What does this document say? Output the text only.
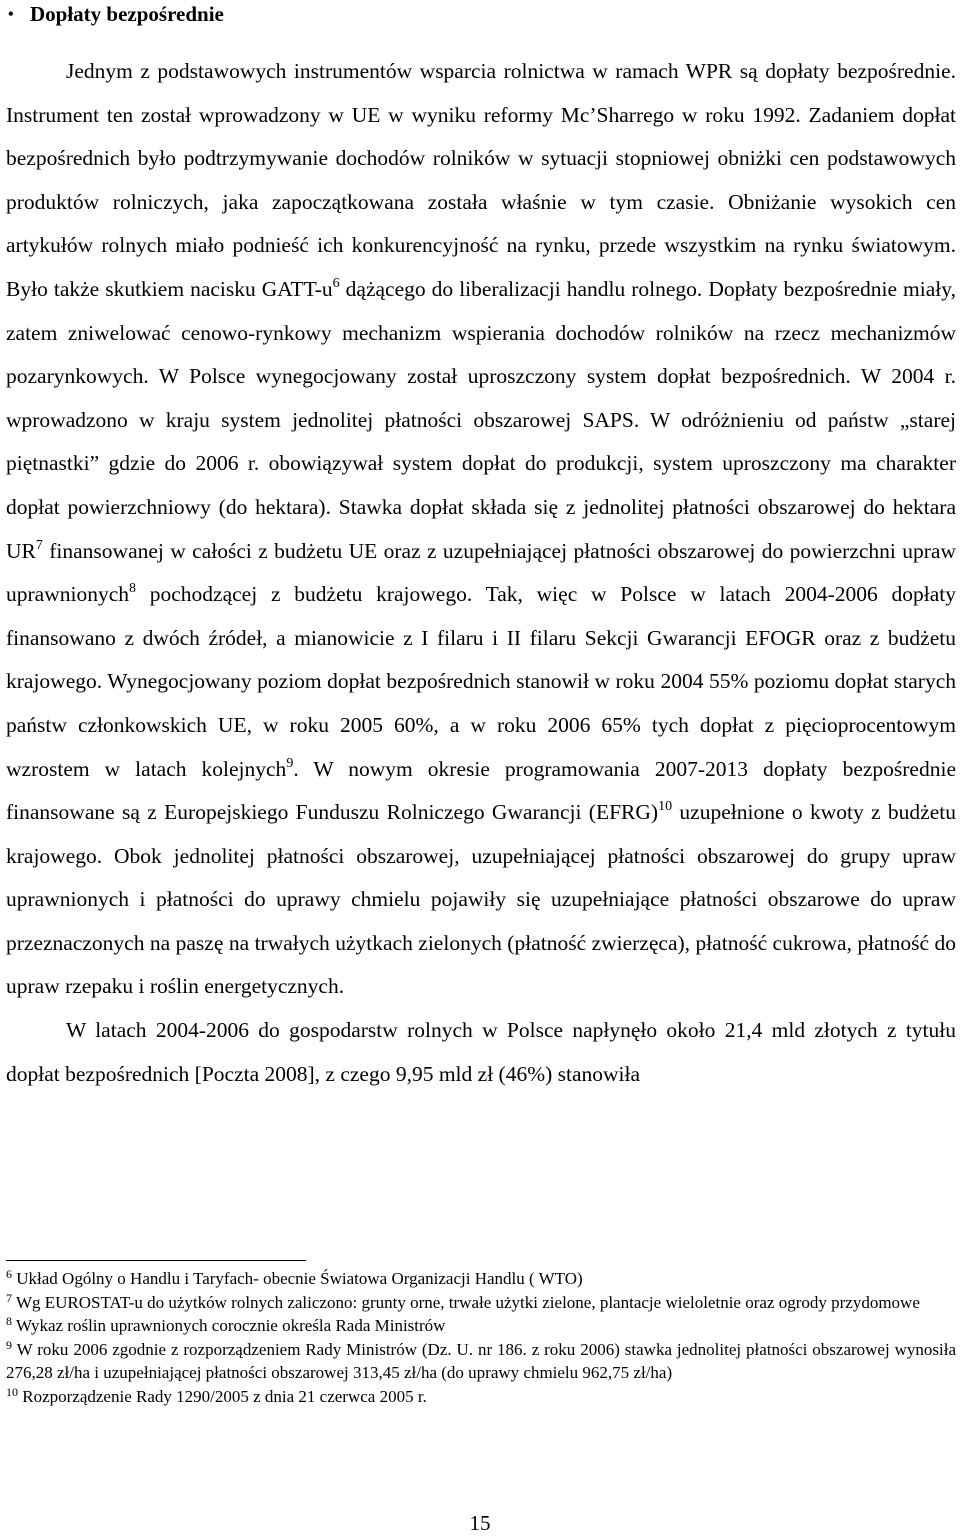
• Dopłaty bezpośrednie

Jednym z podstawowych instrumentów wsparcia rolnictwa w ramach WPR są dopłaty bezpośrednie. Instrument ten został wprowadzony w UE w wyniku reformy Mc’Sharrego w roku 1992. Zadaniem dopłat bezpośrednich było podtrzymywanie dochodów rolników w sytuacji stopniowej obniżki cen podstawowych produktów rolniczych, jaka zapoczątkowana została właśnie w tym czasie. Obniżanie wysokich cen artykułów rolnych miało podnieść ich konkurencyjność na rynku, przede wszystkim na rynku światowym. Było także skutkiem nacisku GATT-$u^6$ dążącego do liberalizacji handlu rolnego. Dopłaty bezpośrednie miały, zatem zniwelować cenowo-rynkowy mechanizm wspierania dochodów rolników na rzecz mechanizmów pozarynkowych. W Polsce wynegocjowany został uproszczony system dopłat bezpośrednich. W 2004 r. wprowadzono w kraju system jednolitej płatności obszarowej SAPS. W odróżnieniu od państw „starej piętnastki” gdzie do 2006 r. obowiązywał system dopłat do produkcji, system uproszczony ma charakter dopłat powierzchniowy (do hektara). Stawka dopłat składa się z jednolitej płatności obszarowej do hektara $UR^7$ finansowanej w całości z budżetu UE oraz z uzupełniającej płatności obszarowej do powierzchni upraw uprawnionych$^8$ pochodzącej z budżetu krajowego. Tak, więc w Polsce w latach 2004-2006 dopłaty finansowano z dwóch źródeł, a mianowicie z I filaru i II filaru Sekcji Gwarancji EFOGR oraz z budżetu krajowego. Wynegocjowany poziom dopłat bezpośrednich stanowił w roku 2004 55% poziomu dopłat starych państw członkowskich UE, w roku 2005 60%, a w roku 2006 65% tych dopłat z pięcioprocentowym wzrostem w latach kolejnych$^9$. W nowym okresie programowania 2007-2013 dopłaty bezpośrednie finansowane są z Europejskiego Funduszu Rolniczego Gwarancji (EFRG)$^{10}$ uzupełnione o kwoty z budżetu krajowego. Obok jednolitej płatności obszarowej, uzupełniającej płatności obszarowej do grupy upraw uprawnionych i płatności do uprawy chmielu pojawiły się uzupełniające płatności obszarowe do upraw przeznaczonych na paszę na trwałych użytkach zielonych (płatność zwierzęca), płatność cukrowa, płatność do upraw rzepaku i roślin energetycznych.

W latach 2004-2006 do gospodarstw rolnych w Polsce napłynęło około 21,4 mld złotych z tytułu dopłat bezpośrednich [Poczta 2008], z czego 9,95 mld zł (46%) stanowiła

$^6$ Układ Ogólny o Handlu i Taryfach- obecnie Światowa Organizacji Handlu ( WTO)

$^7$ Wg EUROSTAT-u do użytków rolnych zaliczono: grunty orne, trwałe użytki zielone, plantacje wieloletnie oraz ogrody przydomowe

$^8$ Wykaz roślin uprawnionych corocznie określa Rada Ministrów

$^9$ W roku 2006 zgodnie z rozporządzeniem Rady Ministrów (Dz. U. nr 186. z roku 2006) stawka jednolitej płatności obszarowej wynosiła 276,28 zł/ha i uzupełniającej płatności obszarowej 313,45 zł/ha (do uprawy chmielu 962,75 zł/ha)

$^{10}$ Rozporządzenie Rady 1290/2005 z dnia 21 czerwca 2005 r.

15
